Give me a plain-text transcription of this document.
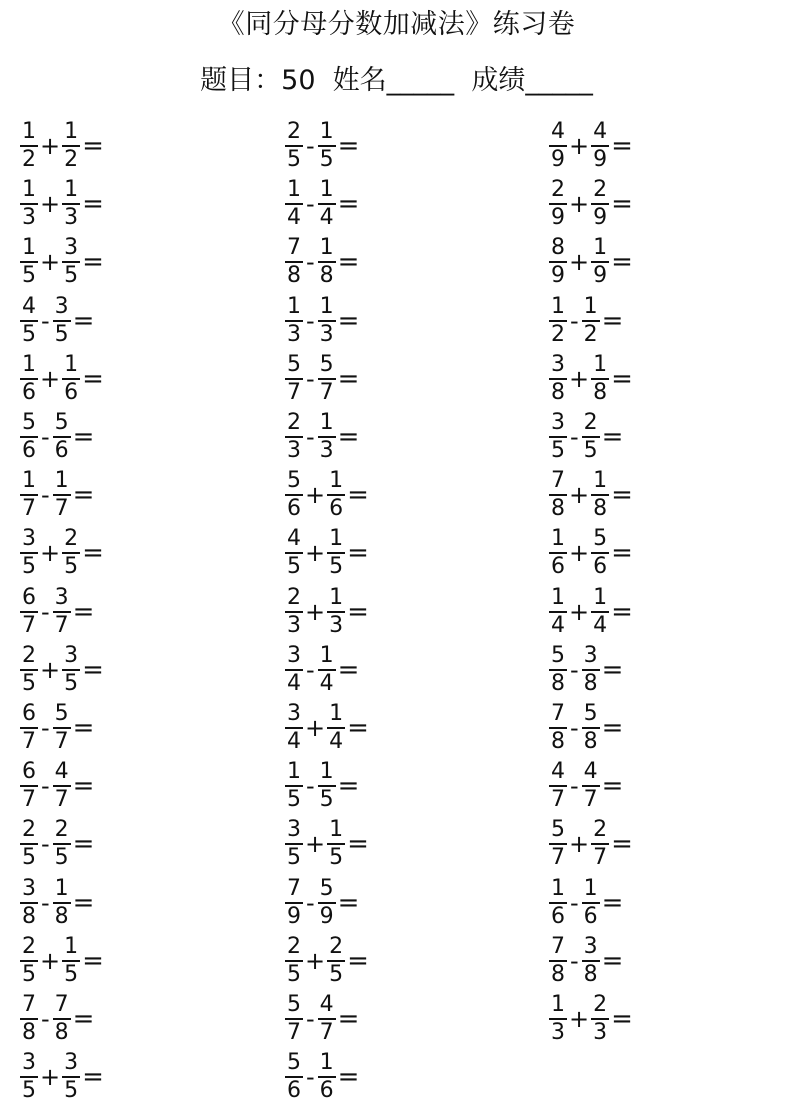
《同分母分数加减法》练习卷
题目：50 姓名_____ 成绩_____
$\frac{1}{2} + \frac{1}{2}$ =
$\frac{1}{3} + \frac{1}{3}$ =
$\frac{1}{5} + \frac{3}{5}$ =
$\frac{4}{5} - \frac{3}{5}$ =
$\frac{1}{6} + \frac{1}{6}$ =
$\frac{5}{6} - \frac{5}{6}$ =
$\frac{1}{7} - \frac{1}{7}$ =
$\frac{3}{5} + \frac{2}{5}$ =
$\frac{6}{7} - \frac{3}{7}$ =
$\frac{2}{5} + \frac{3}{5}$ =
$\frac{6}{7} - \frac{5}{7}$ =
$\frac{6}{7} - \frac{4}{7}$ =
$\frac{2}{5} - \frac{2}{5}$ =
$\frac{3}{8} - \frac{1}{8}$ =
$\frac{2}{5} + \frac{1}{5}$ =
$\frac{7}{8} - \frac{7}{8}$ =
$\frac{3}{5} + \frac{3}{5}$ =
$\frac{2}{5} - \frac{1}{5}$ =
$\frac{1}{4} - \frac{1}{4}$ =
$\frac{7}{8} - \frac{1}{8}$ =
$\frac{1}{3} - \frac{1}{3}$ =
$\frac{5}{7} - \frac{5}{7}$ =
$\frac{2}{3} - \frac{1}{3}$ =
$\frac{5}{6} + \frac{1}{6}$ =
$\frac{4}{5} + \frac{1}{5}$ =
$\frac{2}{3} + \frac{1}{3}$ =
$\frac{3}{4} - \frac{1}{4}$ =
$\frac{3}{4} + \frac{1}{4}$ =
$\frac{1}{5} - \frac{1}{5}$ =
$\frac{3}{5} + \frac{1}{5}$ =
$\frac{7}{9} - \frac{5}{9}$ =
$\frac{2}{5} + \frac{2}{5}$ =
$\frac{5}{7} - \frac{4}{7}$ =
$\frac{5}{6} - \frac{1}{6}$ =
$\frac{4}{9} + \frac{4}{9}$ =
$\frac{2}{9} + \frac{2}{9}$ =
$\frac{8}{9} + \frac{1}{9}$ =
$\frac{1}{2} - \frac{1}{2}$ =
$\frac{3}{8} + \frac{1}{8}$ =
$\frac{3}{5} - \frac{2}{5}$ =
$\frac{7}{8} + \frac{1}{8}$ =
$\frac{1}{6} + \frac{5}{6}$ =
$\frac{1}{4} + \frac{1}{4}$ =
$\frac{5}{8} - \frac{3}{8}$ =
$\frac{7}{8} - \frac{5}{8}$ =
$\frac{4}{7} - \frac{4}{7}$ =
$\frac{5}{7} + \frac{2}{7}$ =
$\frac{1}{6} - \frac{1}{6}$ =
$\frac{7}{8} - \frac{3}{8}$ =
$\frac{1}{3} + \frac{2}{3}$ =
